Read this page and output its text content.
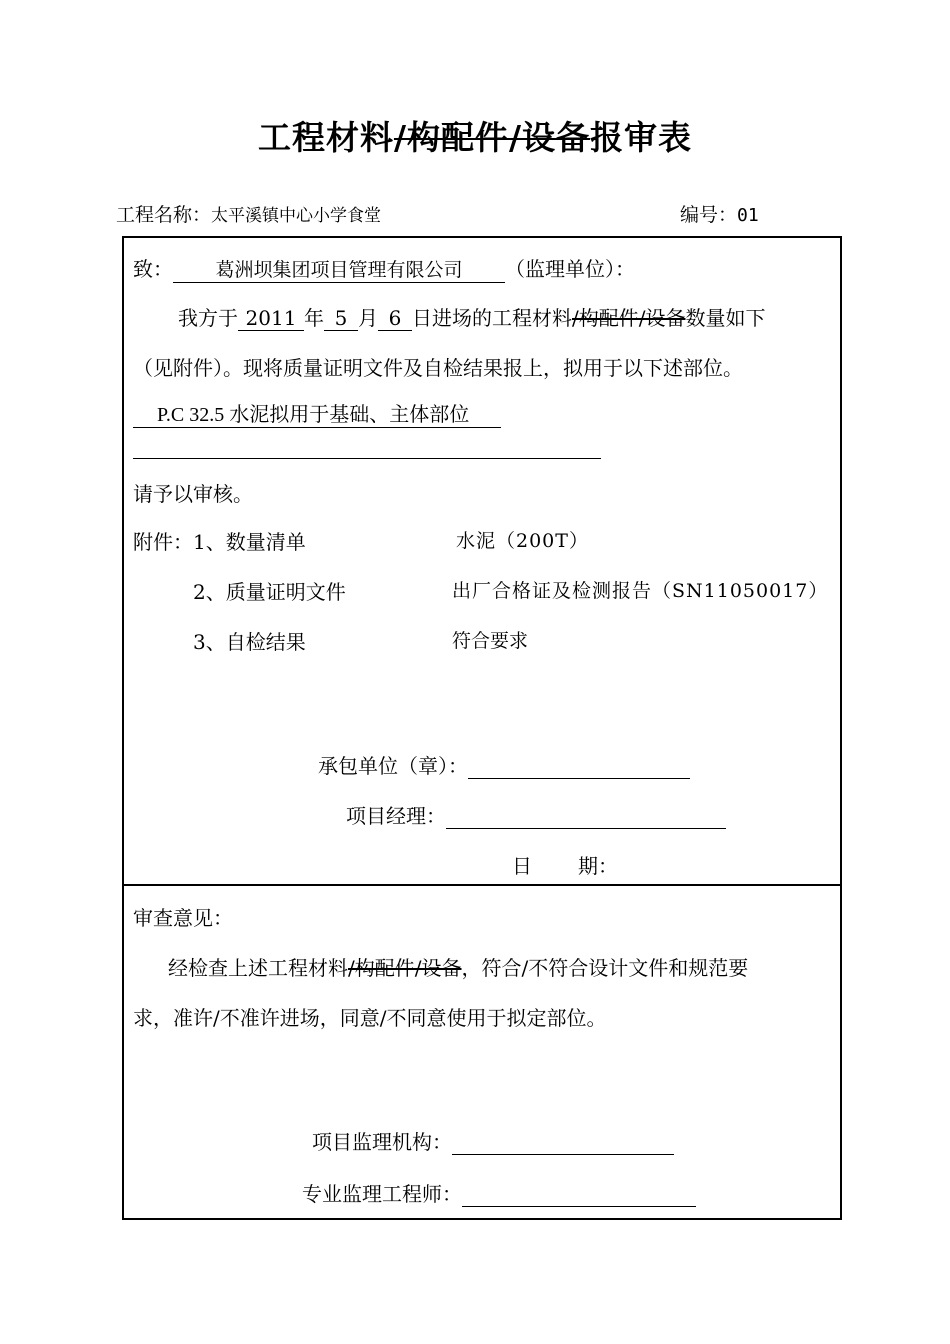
工程材料/构配件/设备报审表
工程名称：太平溪镇中心小学食堂	编号：01
致： 葛洲坝集团项目管理有限公司 （监理单位）：
我方于 2011 年 5 月 6 日进场的工程材料/构配件/设备数量如下
（见附件）。现将质量证明文件及自检结果报上，拟用于以下述部位。
P.C 32.5 水泥拟用于基础、主体部位
请予以审核。
附件：1、数量清单	水泥（200T）
2、质量证明文件	出厂合格证及检测报告（SN11050017）
3、自检结果	符合要求
承包单位（章）：
项目经理：
日 期：
审查意见：
经检查上述工程材料/构配件/设备，符合/不符合设计文件和规范要
求，准许/不准许进场，同意/不同意使用于拟定部位。
项目监理机构：
专业监理工程师：
